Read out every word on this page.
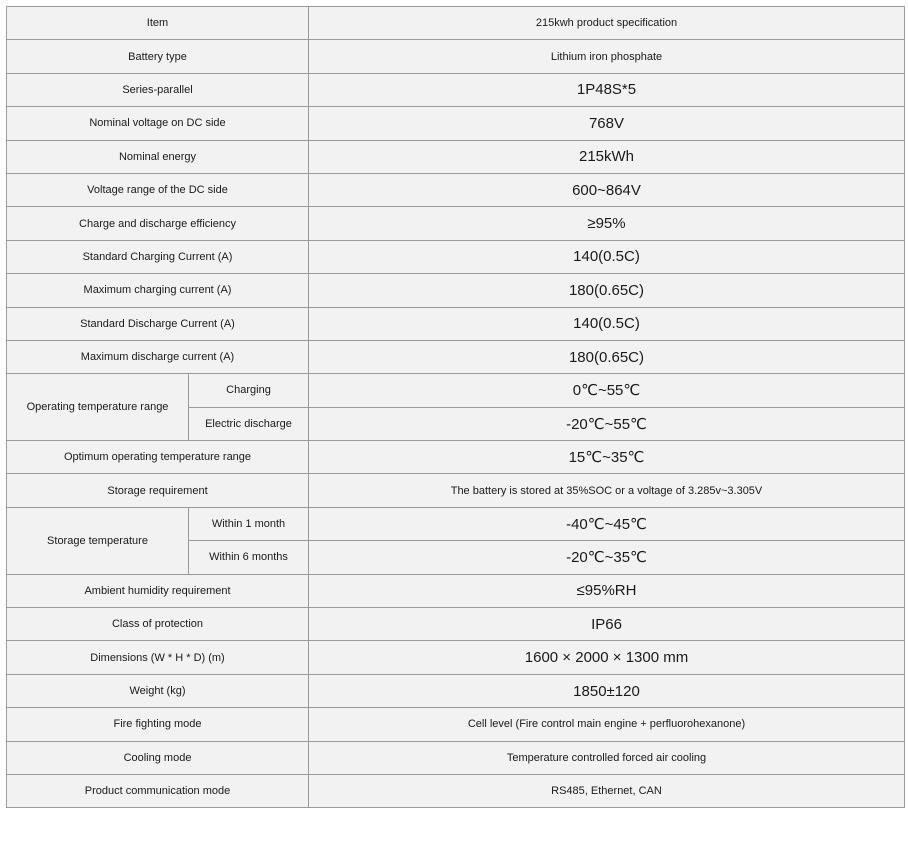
Item		215kwh product specification
Battery type		Lithium iron phosphate
Series-parallel		1P48S*5
Nominal voltage on DC side		768V
Nominal energy		215kWh
Voltage range of the DC side		600~864V
Charge and discharge efficiency		≥95%
Standard Charging Current (A)		140(0.5C)
Maximum charging current (A)		180(0.65C)
Standard Discharge Current (A)		140(0.5C)
Maximum discharge current (A)		180(0.65C)
Operating temperature range	Charging	0℃~55℃
	Electric discharge	-20℃~55℃
Optimum operating temperature range		15℃~35℃
Storage requirement		The battery is stored at 35%SOC or a voltage of 3.285v~3.305V
Storage temperature	Within 1 month	-40℃~45℃
	Within 6 months	-20℃~35℃
Ambient humidity requirement		≤95%RH
Class of protection		IP66
Dimensions (W * H * D) (m)		1600 × 2000 × 1300 mm
Weight (kg)		1850±120
Fire fighting mode		Cell level (Fire control main engine + perfluorohexanone)
Cooling mode		Temperature controlled forced air cooling
Product communication mode		RS485, Ethernet, CAN
